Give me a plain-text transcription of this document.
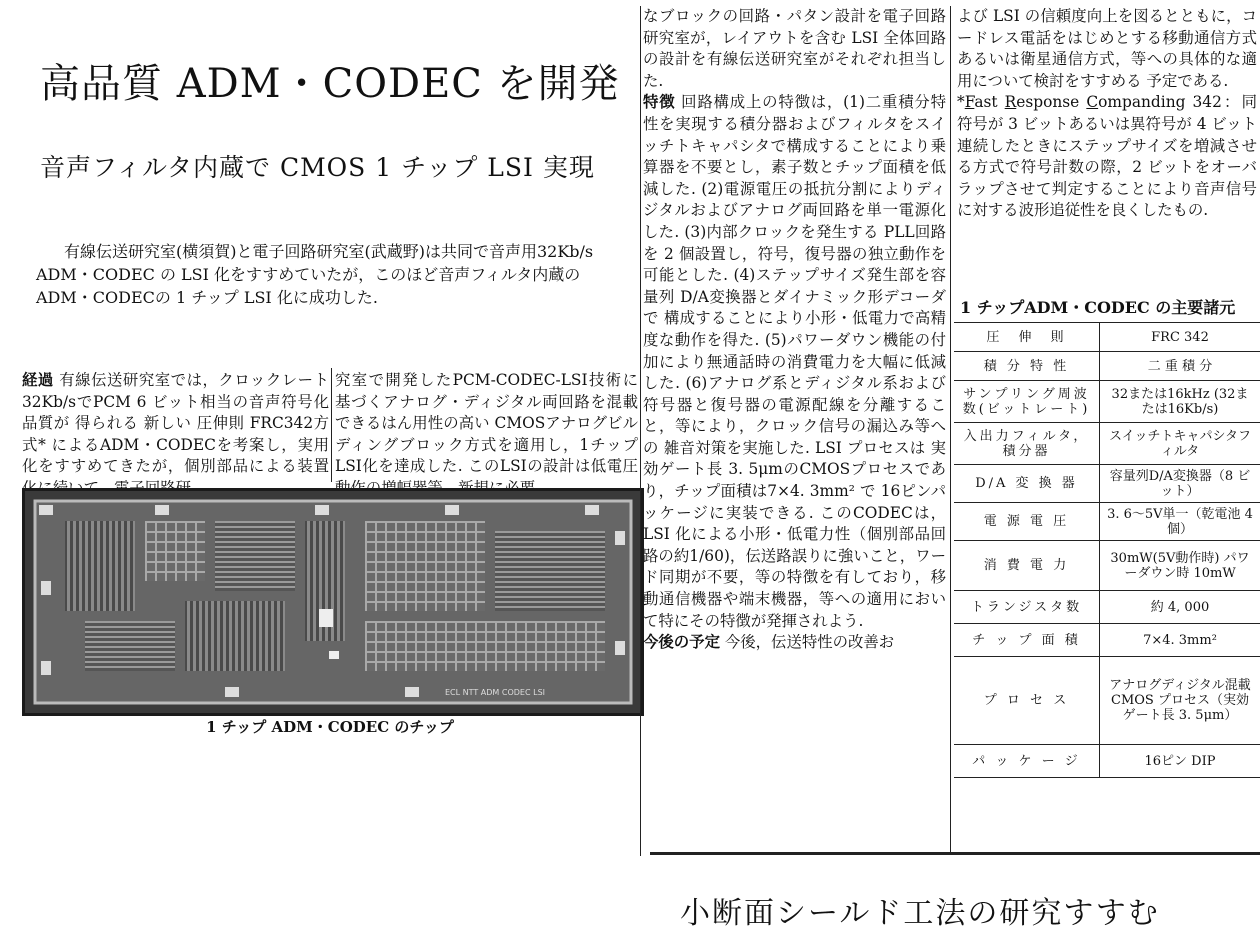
高品質 ADM・CODEC を開発
音声フィルタ内蔵で CMOS 1 チップ LSI 実現
有線伝送研究室(横須賀)と電子回路研究室(武蔵野)は共同で音声用32Kb/s ADM・CODEC の LSI 化をすすめていたが，このほど音声フィルタ内蔵の ADM・CODECの 1 チップ LSI 化に成功した.

経過 有線伝送研究室では，クロックレート32Kb/sでPCM 6 ビット相当の音声符号化品質が 得られる 新しい 圧伸則 FRC342方式* によるADM・CODECを考案し，実用化をすすめてきたが，個別部品による装置

究室で開発したPCM-CODEC-LSI技術に基づくアナログ・ディジタル両回路を混載できるはん用性の高い CMOSアナログビルディングブロック方式を適用し，1チップLSI化を達成した. このLSIの設計は低電圧

ECL NTT ADM CODEC LSI
1 チップ ADM・CODEC のチップ

なブロックの回路・パタン設計を電子回路研究室が，レイアウトを含む LSI 全体回路の設計を有線伝送研究室がそれぞれ担当した.

特徴 回路構成上の特徴は，(1)二重積分特性を実現する積分器およびフィルタをスイッチトキャパシタで構成することにより乗算器を不要とし，素子数とチップ面積を低減した. (2)電源電圧の抵抗分割によりディジタルおよびアナログ両回路を単一電源化した. (3)内部クロックを発生する PLL回路を 2 個設置し，符号，復号器の独立動作を可能とした. (4)ステップサイズ発生部を容量列 D/A変換器とダイナミック形デコーダで 構成することにより小形・低電力で高精度な動作を得た. (5)パワーダウン機能の付加により無通話時の消費電力を大幅に低減した. (6)アナログ系とディジタル系および 符号器と復号器の電源配線を分離すること，等により，クロック信号の漏込み等への 雑音対策を実施した. LSI プロセスは 実効ゲート長 3. 5μmのCMOSプロセスであり，チップ面積は7×4. 3mm² で 16ピンパッケージに実装できる. このCODECは，LSI 化による小形・低電力性（個別部品回路の約1/60)，伝送路誤りに強いこと，ワード同期が不要，等の特徴を有しており，移動通信機器や端末機器，等への適用において特にその特徴が発揮されよう.

今後の予定 今後，伝送特性の改善お

よび LSI の信頼度向上を図るとともに，コードレス電話をはじめとする移動通信方式あるいは衛星通信方式，等への具体的な適用について検討をすすめる 予定である.

*Fast Response Companding 342：同符号が 3 ビットあるいは異符号が 4 ビット連続したときにステップサイズを増減させる方式で符号計数の際，2 ビットをオーバラップさせて判定することにより音声信号に対する波形追従性を良くしたもの.

1 チップADM・CODEC の主要諸元
圧　伸　則	FRC 342
積 分 特 性	二 重 積 分
サンプリング周波数(ビットレート)	32または16kHz (32または16Kb/s)
入出力フィルタ，積分器	スイッチトキャパシタフィルタ
D/A 変 換 器	容量列D/A変換器（8 ビット）
電 源 電 圧	3. 6〜5V単一（乾電池 4 個）
消 費 電 力	30mW(5V動作時) パワーダウン時 10mW
トランジスタ数	約 4, 000
チ ッ プ 面 積	7×4. 3mm²
プ ロ セ ス	アナログディジタル混載 CMOS プロセス（実効ゲート長 3. 5μm）
パ ッ ケ ー ジ	16ピン DIP
小断面シールド工法の研究すすむ
